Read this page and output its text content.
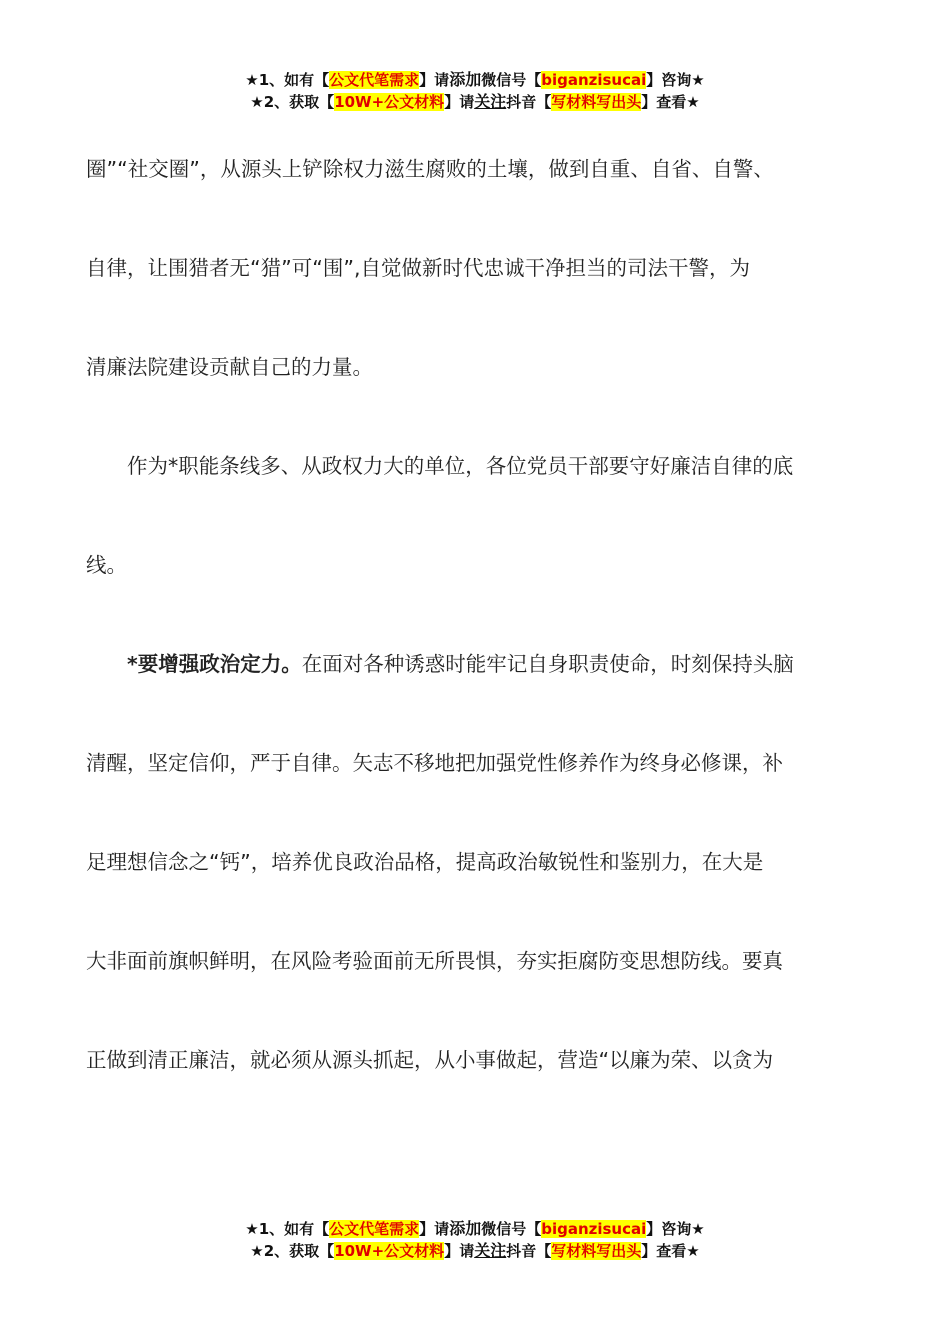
★1、如有【公文代笔需求】请添加微信号【biganzisucai】咨询★
★2、获取【10W+公文材料】请关注抖音【写材料写出头】查看★

圈”“社交圈”，从源头上铲除权力滋生腐败的土壤，做到自重、自省、自警、
自律，让围猎者无“猎”可“围”,自觉做新时代忠诚干净担当的司法干警，为
清廉法院建设贡献自己的力量。

作为*职能条线多、从政权力大的单位，各位党员干部要守好廉洁自律的底
线。

*要增强政治定力。在面对各种诱惑时能牢记自身职责使命，时刻保持头脑
清醒，坚定信仰，严于自律。矢志不移地把加强党性修养作为终身必修课，补
足理想信念之“钙”，培养优良政治品格，提高政治敏锐性和鉴别力，在大是
大非面前旗帜鲜明，在风险考验面前无所畏惧，夯实拒腐防变思想防线。要真
正做到清正廉洁，就必须从源头抓起，从小事做起，营造“以廉为荣、以贪为

★1、如有【公文代笔需求】请添加微信号【biganzisucai】咨询★
★2、获取【10W+公文材料】请关注抖音【写材料写出头】查看★
